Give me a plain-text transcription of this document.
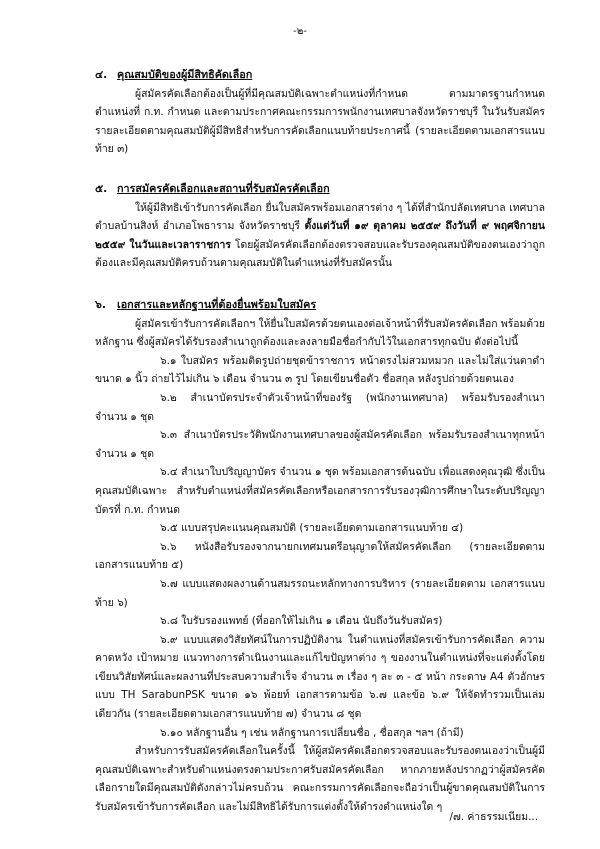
-๒-
๔. คุณสมบัติของผู้มีสิทธิคัดเลือก

ผู้สมัครคัดเลือกต้องเป็นผู้ที่มีคุณสมบัติเฉพาะตำแหน่งที่กำหนด ตามมาตรฐานกำหนดตำแหน่งที่ ก.ท. กำหนด และตามประกาศคณะกรรมการพนักงานเทศบาลจังหวัดราชบุรี ในวันรับสมัคร รายละเอียดตามคุณสมบัติผู้มีสิทธิสำหรับการคัดเลือกแนบท้ายประกาศนี้ (รายละเอียดตามเอกสารแนบท้าย ๓)

๕. การสมัครคัดเลือกและสถานที่รับสมัครคัดเลือก

ให้ผู้มีสิทธิเข้ารับการคัดเลือก ยื่นใบสมัครพร้อมเอกสารต่าง ๆ ได้ที่สำนักปลัดเทศบาล เทศบาลตำบลบ้านสิงห์ อำเภอโพธาราม จังหวัดราชบุรี ตั้งแต่วันที่ ๑๙ ตุลาคม ๒๕๕๙ ถึงวันที่ ๙ พฤศจิกายน ๒๕๕๙ ในวันและเวลาราชการ โดยผู้สมัครคัดเลือกต้องตรวจสอบและรับรองคุณสมบัติของตนเองว่าถูกต้องและมีคุณสมบัติครบถ้วนตามคุณสมบัติในตำแหน่งที่รับสมัครนั้น

๖. เอกสารและหลักฐานที่ต้องยื่นพร้อมใบสมัคร

ผู้สมัครเข้ารับการคัดเลือกฯ ให้ยื่นใบสมัครด้วยตนเองต่อเจ้าหน้าที่รับสมัครคัดเลือก พร้อมด้วยหลักฐาน ซึ่งผู้สมัครได้รับรองสำเนาถูกต้องและลงลายมือชื่อกำกับไว้ในเอกสารทุกฉบับ ดังต่อไปนี้

๖.๑ ใบสมัคร พร้อมติดรูปถ่ายชุดข้าราชการ หน้าตรงไม่สวมหมวก และไม่ใส่แว่นตาดำ ขนาด ๑ นิ้ว ถ่ายไว้ไม่เกิน ๖ เดือน จำนวน ๓ รูป โดยเขียนชื่อตัว ชื่อสกุล หลังรูปถ่ายด้วยตนเอง

๖.๒ สำเนาบัตรประจำตัวเจ้าหน้าที่ของรัฐ (พนักงานเทศบาล) พร้อมรับรองสำเนา จำนวน ๑ ชุด

๖.๓ สำเนาบัตรประวัติพนักงานเทศบาลของผู้สมัครคัดเลือก พร้อมรับรองสำเนาทุกหน้า จำนวน ๑ ชุด

๖.๔ สำเนาใบปริญญาบัตร จำนวน ๑ ชุด พร้อมเอกสารต้นฉบับ เพื่อแสดงคุณวุฒิ ซึ่งเป็นคุณสมบัติเฉพาะ สำหรับตำแหน่งที่สมัครคัดเลือกหรือเอกสารการรับรองวุฒิการศึกษาในระดับปริญญาบัตรที่ ก.ท. กำหนด

๖.๕ แบบสรุปคะแนนคุณสมบัติ (รายละเอียดตามเอกสารแนบท้าย ๔)

๖.๖ หนังสือรับรองจากนายกเทศมนตรีอนุญาตให้สมัครคัดเลือก (รายละเอียดตาม เอกสารแนบท้าย ๕)

๖.๗ แบบแสดงผลงานด้านสมรรถนะหลักทางการบริหาร (รายละเอียดตาม เอกสารแนบท้าย ๖)

๖.๘ ใบรับรองแพทย์ (ที่ออกให้ไม่เกิน ๑ เดือน นับถึงวันรับสมัคร)

๖.๙ แบบแสดงวิสัยทัศน์ในการปฏิบัติงาน ในตำแหน่งที่สมัครเข้ารับการคัดเลือก ความคาดหวัง เป้าหมาย แนวทางการดำเนินงานและแก้ไขปัญหาต่าง ๆ ของงานในตำแหน่งที่จะแต่งตั้งโดยเขียนวิสัยทัศน์และผลงานที่ประสบความสำเร็จ จำนวน ๓ เรื่อง ๆ ละ ๓ - ๕ หน้า กระดาษ A4 ตัวอักษรแบบ TH SarabunPSK ขนาด ๑๖ พ้อยท์ เอกสารตามข้อ ๖.๗ และข้อ ๖.๙ ให้จัดทำรวมเป็นเล่มเดียวกัน (รายละเอียดตามเอกสารแนบท้าย ๗) จำนวน ๘ ชุด

๖.๑๐ หลักฐานอื่น ๆ เช่น หลักฐานการเปลี่ยนชื่อ , ชื่อสกุล ฯลฯ (ถ้ามี)

สำหรับการรับสมัครคัดเลือกในครั้งนี้ ให้ผู้สมัครคัดเลือกตรวจสอบและรับรองตนเองว่าเป็นผู้มีคุณสมบัติเฉพาะสำหรับตำแหน่งตรงตามประกาศรับสมัครคัดเลือก หากภายหลังปรากฏว่าผู้สมัครคัดเลือกรายใดมีคุณสมบัติดังกล่าวไม่ครบถ้วน คณะกรรมการคัดเลือกจะถือว่าเป็นผู้ขาดคุณสมบัติในการรับสมัครเข้ารับการคัดเลือก และไม่มีสิทธิได้รับการแต่งตั้งให้ดำรงตำแหน่งใด ๆ

/๗. ค่าธรรมเนียม...
